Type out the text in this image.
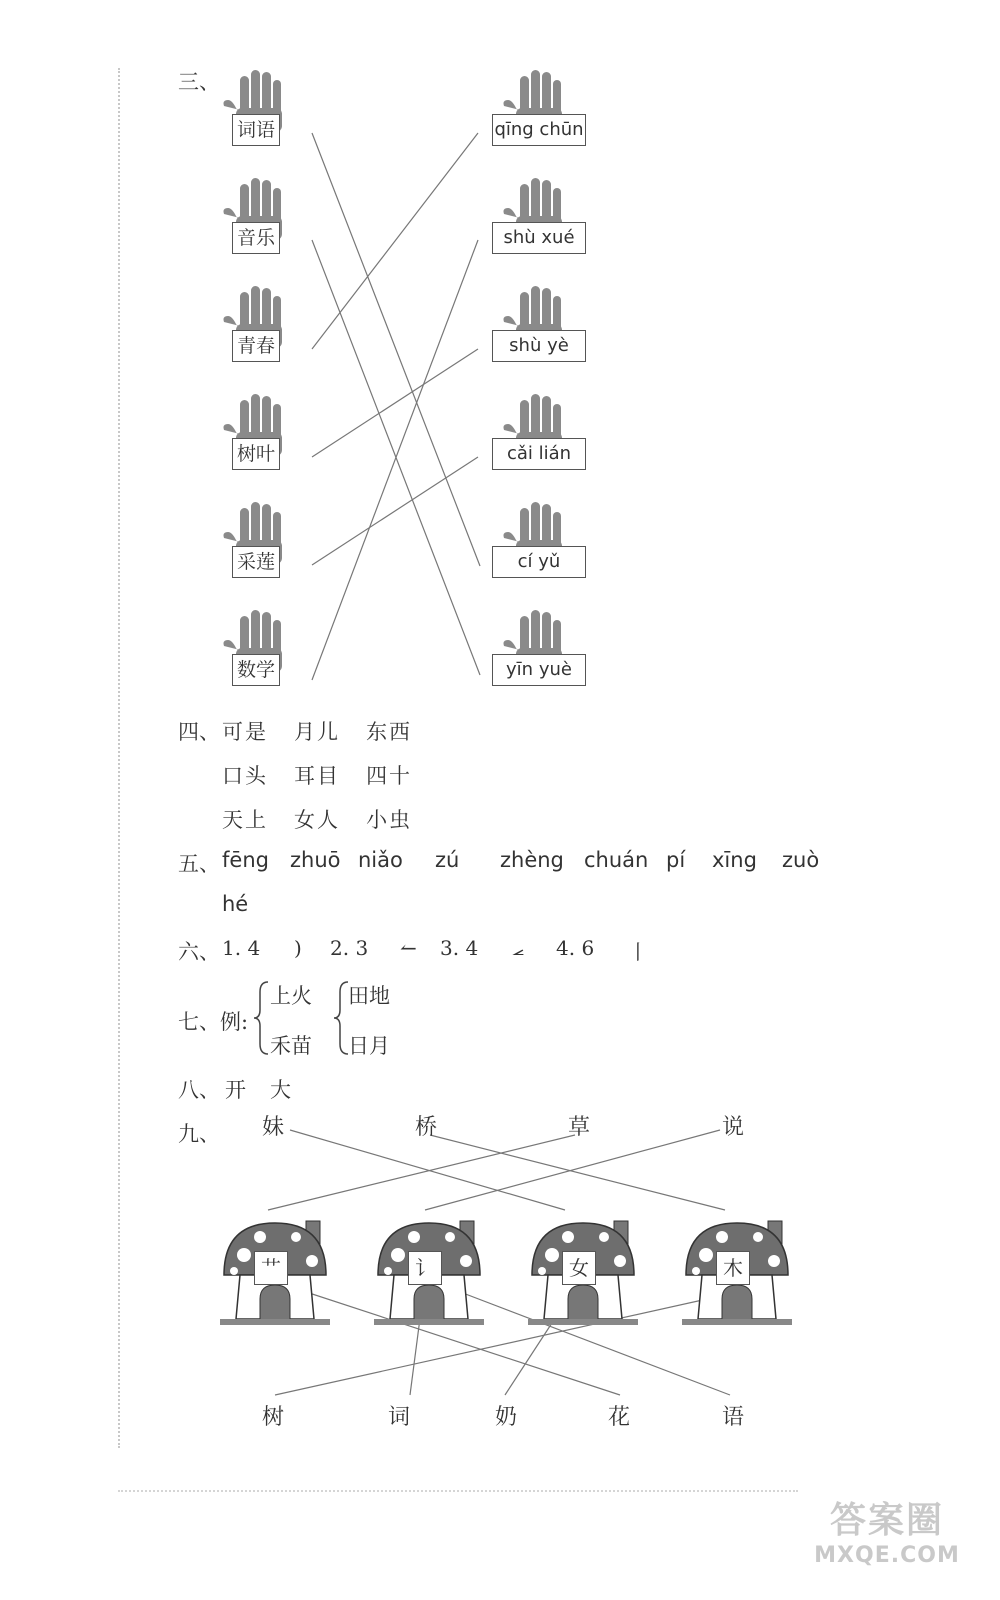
三、
词语
音乐
青春
树叶
采莲
数学
qīng chūn
shù xué
shù yè
cǎi lián
cí yǔ
yīn yuè
四、 可是 月儿 东西
口头 耳目 四十
天上 女人 小虫
五、 fēng zhuō niǎo zú zhèng chuán pí xīng zuò
hé
六、 1. 4 ) 2. 3 ↼ 3. 4 ⦟ 4. 6 丨
七、例:
上火
禾苗
田地
日月
八、 开 大
九、 妹	桥	草	说
艹	讠	女	木
树	词	奶	花	语
答案圈
MXQE.COM
